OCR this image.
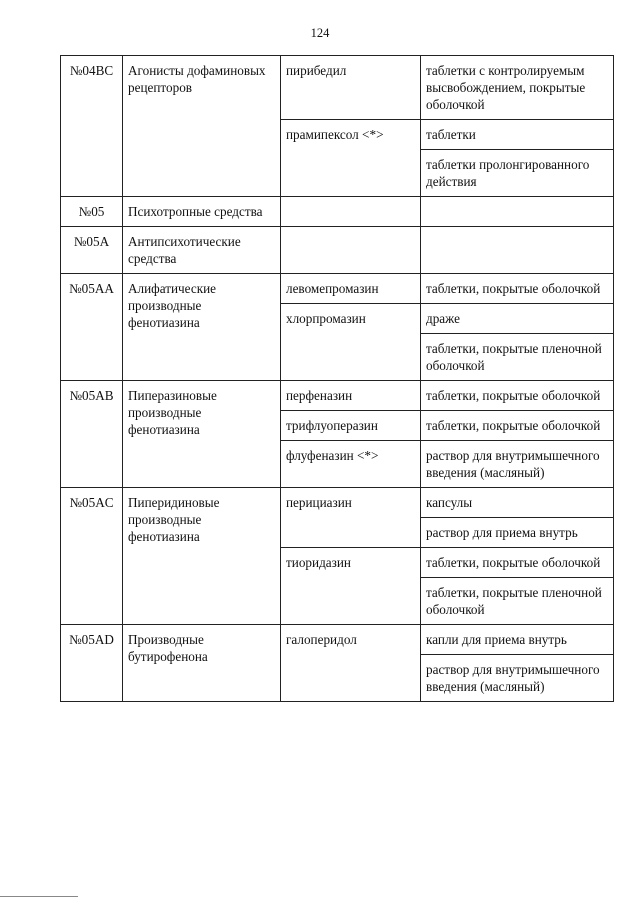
124
№04BC	Агонисты дофаминовых рецепторов	пирибедил	таблетки с контролируемым высвобождением, покрытые оболочкой
		прамипексол <*>	таблетки
			таблетки пролонгированного действия
№05	Психотропные средства		
№05A	Антипсихотические средства		
№05AA	Алифатические производные фенотиазина	левомепромазин	таблетки, покрытые оболочкой
		хлорпромазин	драже
			таблетки, покрытые пленочной оболочкой
№05AB	Пиперазиновые производные фенотиазина	перфеназин	таблетки, покрытые оболочкой
		трифлуоперазин	таблетки, покрытые оболочкой
		флуфеназин <*>	раствор для внутримышечного введения (масляный)
№05AC	Пиперидиновые производные фенотиазина	перициазин	капсулы
			раствор для приема внутрь
		тиоридазин	таблетки, покрытые оболочкой
			таблетки, покрытые пленочной оболочкой
№05AD	Производные бутирофенона	галоперидол	капли для приема внутрь
			раствор для внутримышечного введения (масляный)
